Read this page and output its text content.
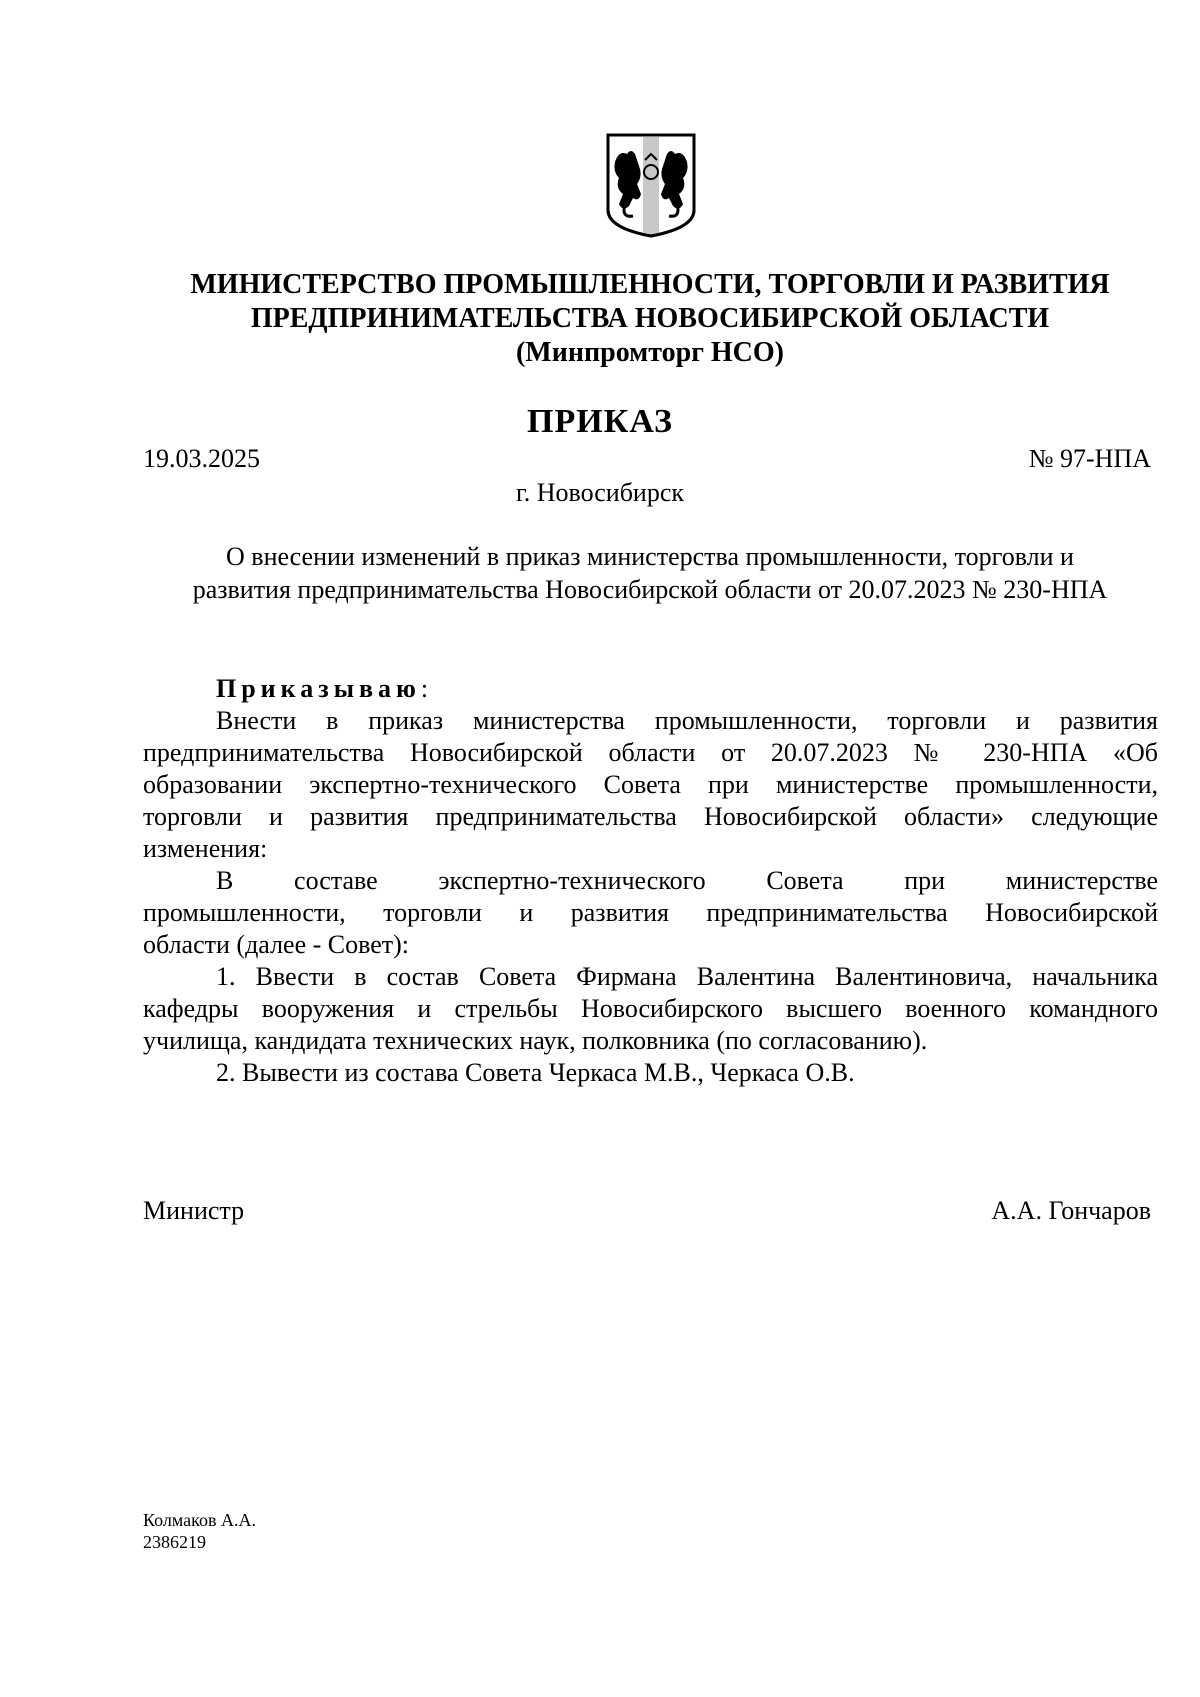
МИНИСТЕРСТВО ПРОМЫШЛЕННОСТИ, ТОРГОВЛИ И РАЗВИТИЯ
ПРЕДПРИНИМАТЕЛЬСТВА НОВОСИБИРСКОЙ ОБЛАСТИ
(Минпромторг НСО)
ПРИКАЗ
19.03.2025	№ 97-НПА
г. Новосибирск
О внесении изменений в приказ министерства промышленности, торговли и
развития предпринимательства Новосибирской области от 20.07.2023 № 230-НПА
Приказываю:
Внести в приказ министерства промышленности, торговли и развития
предпринимательства Новосибирской области от 20.07.2023 № 230-НПА «Об
образовании экспертно-технического Совета при министерстве промышленности,
торговли и развития предпринимательства Новосибирской области» следующие
изменения:
В составе экспертно-технического Совета при министерстве
промышленности, торговли и развития предпринимательства Новосибирской
области (далее - Совет):
1. Ввести в состав Совета Фирмана Валентина Валентиновича, начальника
кафедры вооружения и стрельбы Новосибирского высшего военного командного
училища, кандидата технических наук, полковника (по согласованию).
2. Вывести из состава Совета Черкаса М.В., Черкаса О.В.
Министр	А.А. Гончаров
Колмаков А.А.
2386219
